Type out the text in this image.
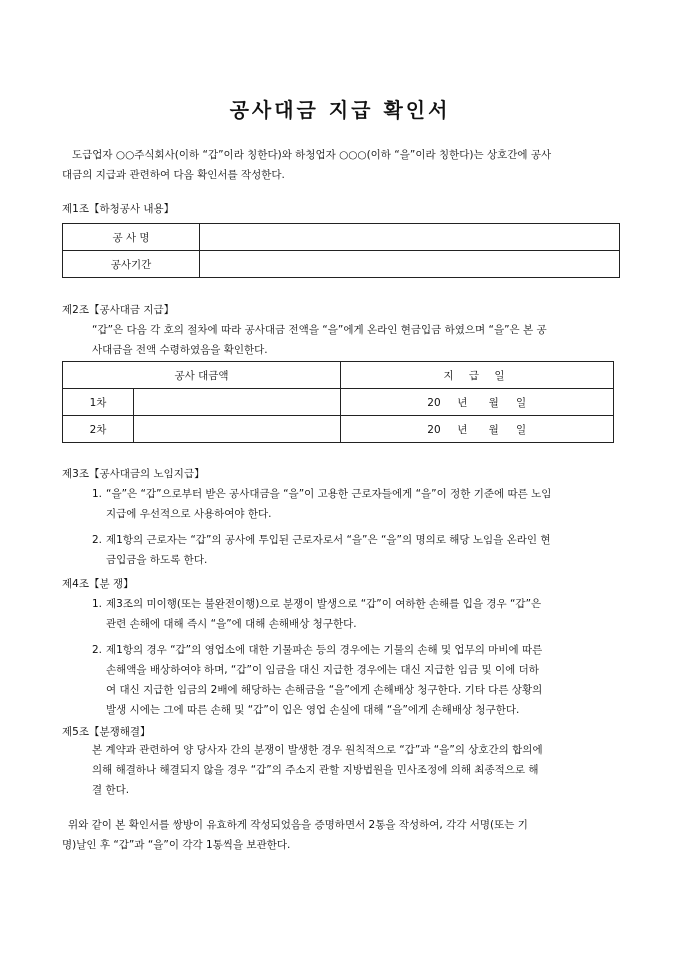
공사대금 지급 확인서
도급업자 ○○주식회사(이하 “갑”이라 칭한다)와 하청업자 ○○○(이하 “을”이라 칭한다)는 상호간에 공사
대금의 지급과 관련하여 다음 확인서를 작성한다.
제1조【하청공사 내용】
공 사 명	
공사기간	
제2조【공사대금 지급】
“갑”은 다음 각 호의 절차에 따라 공사대금 전액을 “을”에게 온라인 현금입금 하였으며 “을”은 본 공
사대금을 전액 수령하였음을 확인한다.
공사 대금액		지 급 일
1차		20 년 월 일
2차		20 년 월 일
제3조【공사대금의 노임지급】
1. “을”은 “갑”으로부터 받은 공사대금을 “을”이 고용한 근로자들에게 “을”이 정한 기준에 따른 노임
지급에 우선적으로 사용하여야 한다.
2. 제1항의 근로자는 “갑”의 공사에 투입된 근로자로서 “을”은 “을”의 명의로 해당 노임을 온라인 현
금입금을 하도록 한다.
제4조【분 쟁】
1. 제3조의 미이행(또는 불완전이행)으로 분쟁이 발생으로 “갑”이 여하한 손해를 입을 경우 “갑”은
관련 손해에 대해 즉시 “을”에 대해 손해배상 청구한다.
2. 제1항의 경우 “갑”의 영업소에 대한 기물파손 등의 경우에는 기물의 손해 및 업무의 마비에 따른
손해액을 배상하여야 하며, “갑”이 임금을 대신 지급한 경우에는 대신 지급한 임금 및 이에 더하
여 대신 지급한 임금의 2배에 해당하는 손해금을 “을”에게 손해배상 청구한다. 기타 다른 상황의
발생 시에는 그에 따른 손해 및 “갑”이 입은 영업 손실에 대해 “을”에게 손해배상 청구한다.
제5조【분쟁해결】
본 계약과 관련하여 양 당사자 간의 분쟁이 발생한 경우 원칙적으로 “갑”과 “을”의 상호간의 합의에
의해 해결하나 해결되지 않을 경우 “갑”의 주소지 관할 지방법원을 민사조정에 의해 최종적으로 해
결 한다.
위와 같이 본 확인서를 쌍방이 유효하게 작성되었음을 증명하면서 2통을 작성하여, 각각 서명(또는 기
명)날인 후 “갑”과 “을”이 각각 1통씩을 보관한다.
